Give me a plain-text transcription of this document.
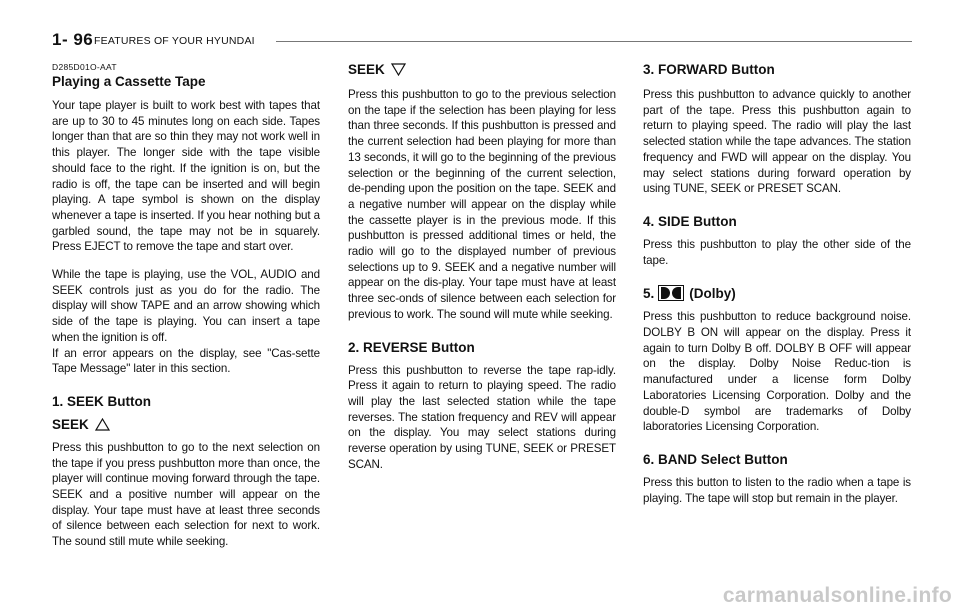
1- 96 FEATURES OF YOUR HYUNDAI
D285D01O-AAT
Playing a Cassette Tape

Your tape player is built to work best with tapes that are up to 30 to 45 minutes long on each side. Tapes longer than that are so thin they may not work well in this player. The longer side with the tape visible should face to the right. If the ignition is on, but the radio is off, the tape can be inserted and will begin playing. A tape symbol is shown on the display whenever a tape is inserted. If you hear nothing but a garbled sound, the tape may not be in squarely. Press EJECT to remove the tape and start over.

While the tape is playing, use the VOL, AUDIO and SEEK controls just as you do for the radio. The display will show TAPE and an arrow showing which side of the tape is playing. You can insert a tape when the ignition is off.

If an error appears on the display, see "Cas-sette Tape Message" later in this section.

1. SEEK Button
SEEK

Press this pushbutton to go to the next selection on the tape if you press pushbutton more than once, the player will continue moving forward through the tape. SEEK and a positive number will appear on the display. Your tape must have at least three seconds of silence between each selection for next to work. The sound still mute while seeking.

SEEK

Press this pushbutton to go to the previous selection on the tape if the selection has been playing for less than three seconds. If this pushbutton is pressed and the current selection had been playing for more than 13 seconds, it will go to the beginning of the previous selection or the beginning of the current selection, de-pending upon the position on the tape. SEEK and a negative number will appear on the display while the cassette player is in the previous mode. If this pushbutton is pressed additional times or held, the radio will go to the displayed number of previous selections up to 9. SEEK and a negative number will appear on the dis-play. Your tape must have at least three sec-onds of silence between each selection for previous to work. The sound will mute while seeking.

2. REVERSE Button

Press this pushbutton to reverse the tape rap-idly. Press it again to return to playing speed. The radio will play the last selected station while the tape reverses. The station frequency and REV will appear on the display. You may select stations during reverse operation by using TUNE, SEEK or PRESET SCAN.

3. FORWARD Button

Press this pushbutton to advance quickly to another part of the tape. Press this pushbutton again to return to playing speed. The radio will play the last selected station while the tape advances. The station frequency and FWD will appear on the display. You may select stations during forward operation by using TUNE, SEEK or PRESET SCAN.

4. SIDE Button

Press this pushbutton to play the other side of the tape.

5.	(Dolby)

Press this pushbutton to reduce background noise. DOLBY B ON will appear on the display. Press it again to turn Dolby B off. DOLBY B OFF will appear on the display. Dolby Noise Reduc-tion is manufactured under a license form Dolby Laboratories Licensing Corporation. Dolby and the double-D symbol are trademarks of Dolby laboratories Licensing Corporation.

6. BAND Select Button

Press this button to listen to the radio when a tape is playing. The tape will stop but remain in the player.

carmanualsonline.info
